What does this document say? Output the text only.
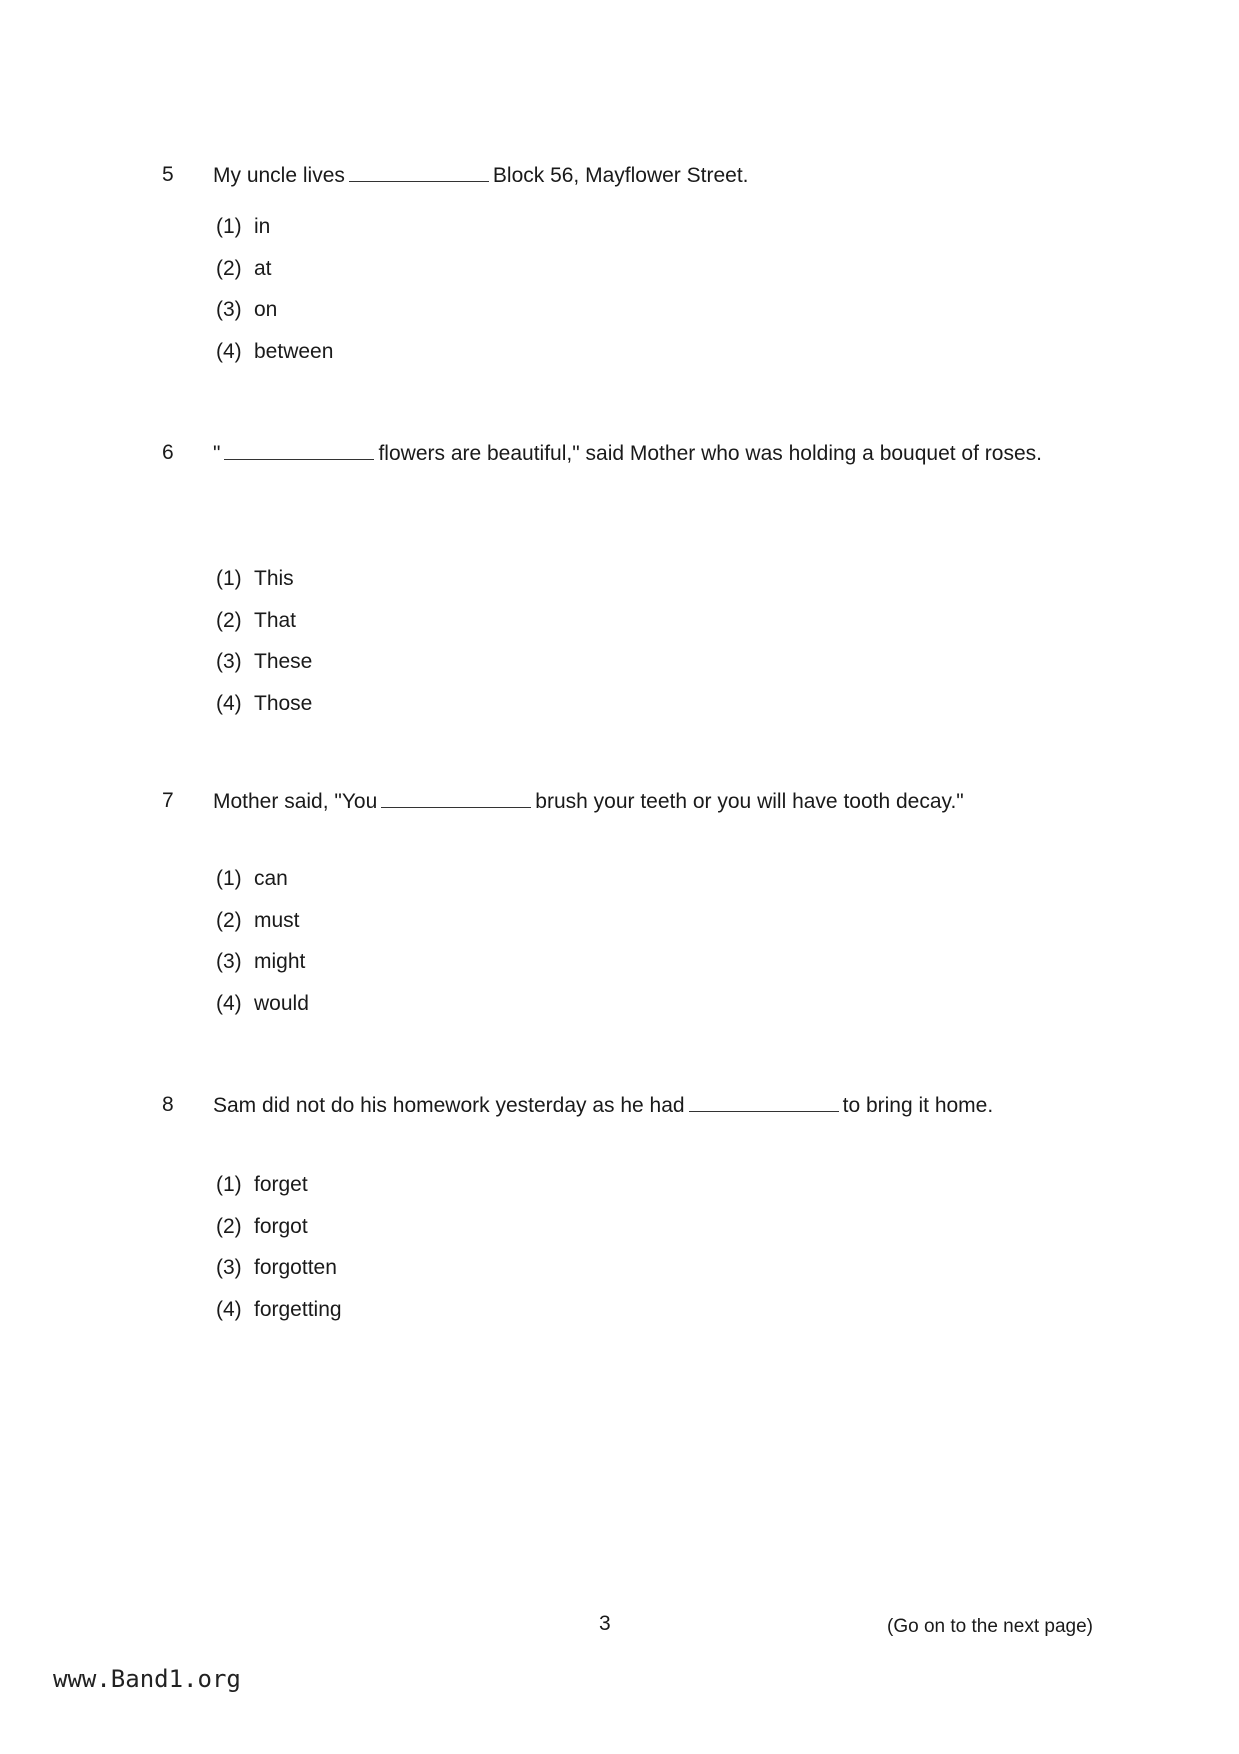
5 My uncle lives	Block 56, Mayflower Street.
(1) in
(2) at
(3) on
(4) between
6 "	flowers are beautiful," said Mother who was holding a bouquet of roses.
(1) This
(2) That
(3) These
(4) Those
7 Mother said, "You	brush your teeth or you will have tooth decay."
(1) can
(2) must
(3) might
(4) would
8 Sam did not do his homework yesterday as he had	to bring it home.
(1) forget
(2) forgot
(3) forgotten
(4) forgetting
3	(Go on to the next page)
www.Band1.org
